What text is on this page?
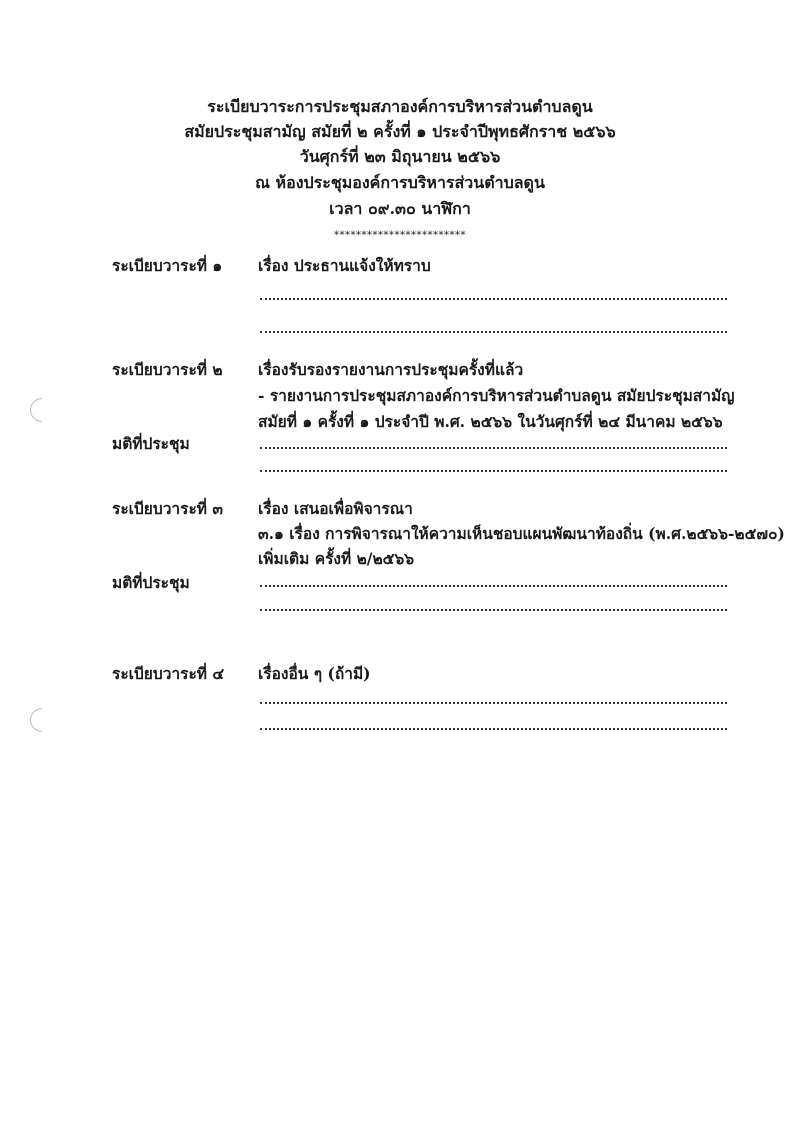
ระเบียบวาระการประชุมสภาองค์การบริหารส่วนตำบลดูน
สมัยประชุมสามัญ สมัยที่ ๒ ครั้งที่ ๑ ประจำปีพุทธศักราช ๒๕๖๖
วันศุกร์ที่ ๒๓ มิถุนายน ๒๕๖๖
ณ ห้องประชุมองค์การบริหารส่วนตำบลดูน
เวลา ๐๙.๓๐ นาฬิกา
************************
ระเบียบวาระที่ ๑ เรื่อง ประธานแจ้งให้ทราบ
ระเบียบวาระที่ ๒ เรื่องรับรองรายงานการประชุมครั้งที่แล้ว
- รายงานการประชุมสภาองค์การบริหารส่วนตำบลดูน สมัยประชุมสามัญ
สมัยที่ ๑ ครั้งที่ ๑ ประจำปี พ.ศ. ๒๕๖๖ ในวันศุกร์ที่ ๒๔ มีนาคม ๒๕๖๖
มติที่ประชุม
ระเบียบวาระที่ ๓ เรื่อง เสนอเพื่อพิจารณา
๓.๑ เรื่อง การพิจารณาให้ความเห็นชอบแผนพัฒนาท้องถิ่น (พ.ศ.๒๕๖๖-๒๕๗๐)
เพิ่มเติม ครั้งที่ ๒/๒๕๖๖
มติที่ประชุม
ระเบียบวาระที่ ๔ เรื่องอื่น ๆ (ถ้ามี)
